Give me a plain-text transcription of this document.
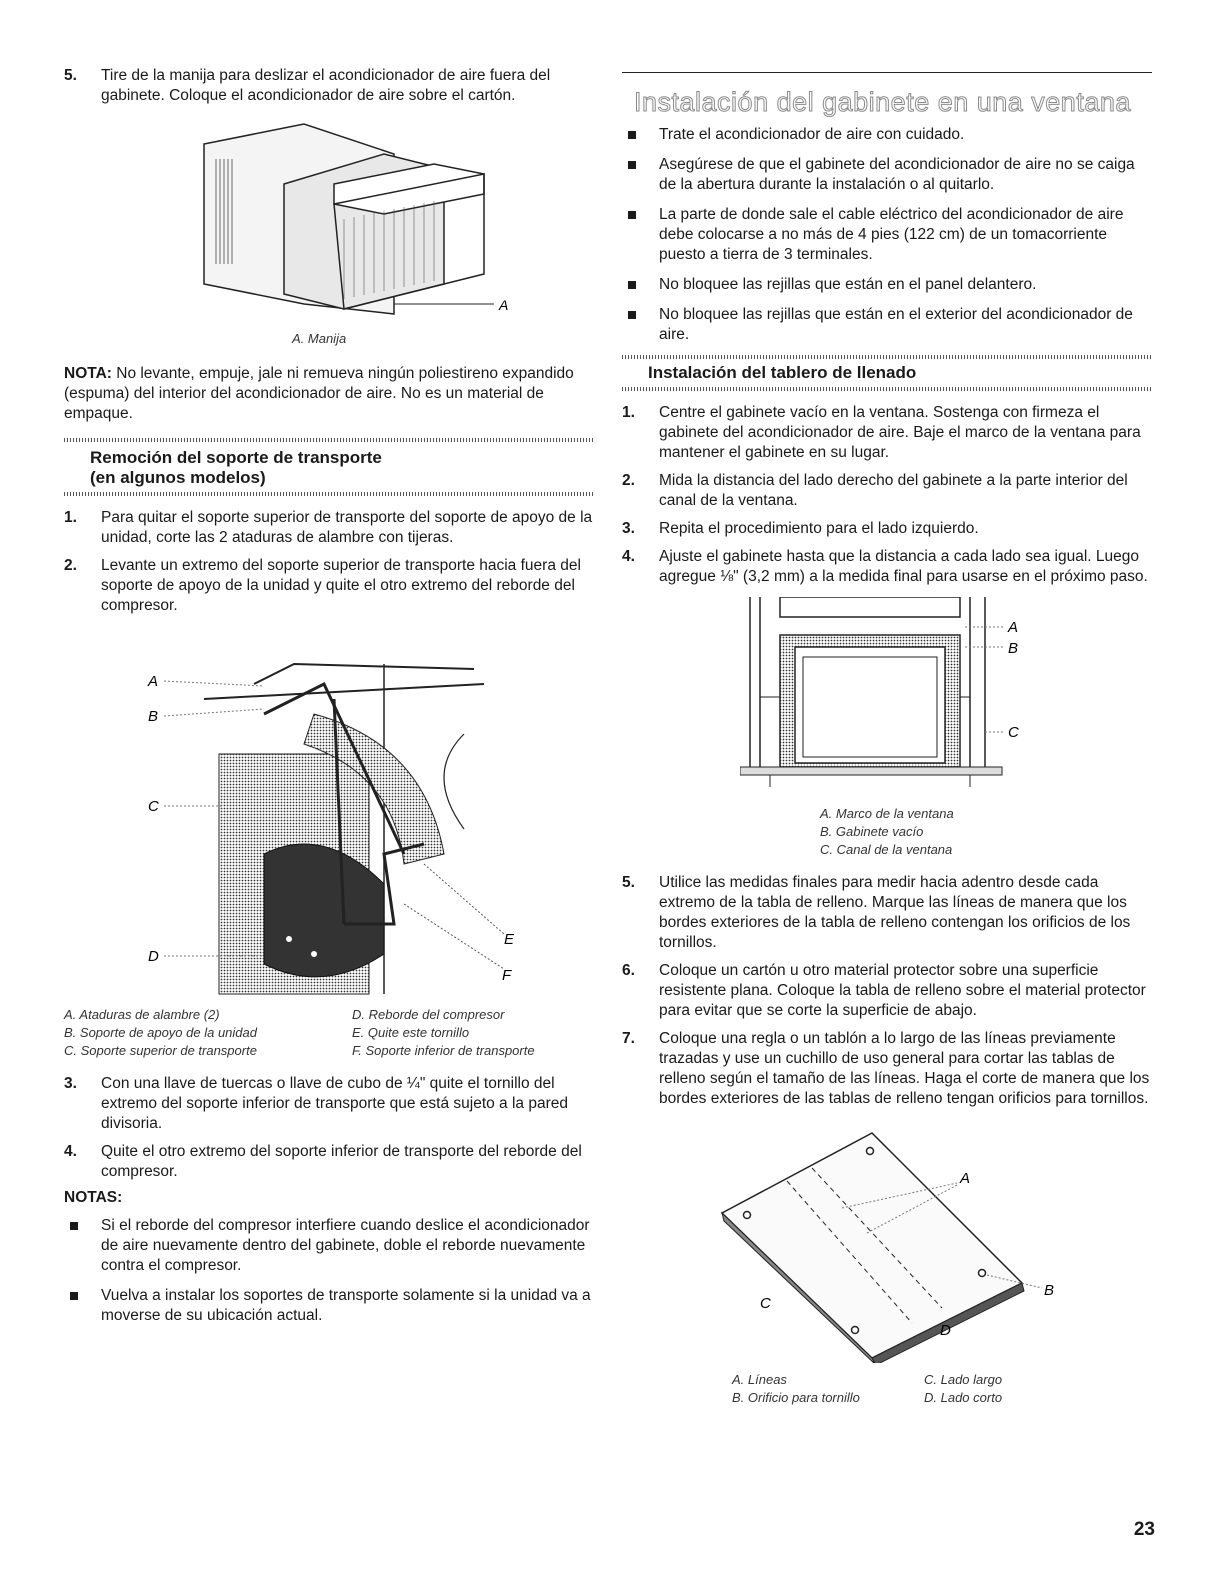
5. Tire de la manija para deslizar el acondicionador de aire fuera del gabinete. Coloque el acondicionador de aire sobre el cartón.
A
A. Manija

NOTA: No levante, empuje, jale ni remueva ningún poliestireno expandido (espuma) del interior del acondicionador de aire. No es un material de empaque.

Remoción del soporte de transporte
(en algunos modelos)
1. Para quitar el soporte superior de transporte del soporte de apoyo de la unidad, corte las 2 ataduras de alambre con tijeras.
2. Levante un extremo del soporte superior de transporte hacia fuera del soporte de apoyo de la unidad y quite el otro extremo del reborde del compresor.
A
B
C
D
E
F
A. Ataduras de alambre (2)
B. Soporte de apoyo de la unidad
C. Soporte superior de transporte
D. Reborde del compresor
E. Quite este tornillo
F. Soporte inferior de transporte
3. Con una llave de tuercas o llave de cubo de ¼" quite el tornillo del extremo del soporte inferior de transporte que está sujeto a la pared divisoria.
4. Quite el otro extremo del soporte inferior de transporte del reborde del compresor.
NOTAS:
Si el reborde del compresor interfiere cuando deslice el acondicionador de aire nuevamente dentro del gabinete, doble el reborde nuevamente contra el compresor.
Vuelva a instalar los soportes de transporte solamente si la unidad va a moverse de su ubicación actual.
Instalación del gabinete en una ventana
Trate el acondicionador de aire con cuidado.
Asegúrese de que el gabinete del acondicionador de aire no se caiga de la abertura durante la instalación o al quitarlo.
La parte de donde sale el cable eléctrico del acondicionador de aire debe colocarse a no más de 4 pies (122 cm) de un tomacorriente puesto a tierra de 3 terminales.
No bloquee las rejillas que están en el panel delantero.
No bloquee las rejillas que están en el exterior del acondicionador de aire.
Instalación del tablero de llenado
1. Centre el gabinete vacío en la ventana. Sostenga con firmeza el gabinete del acondicionador de aire. Baje el marco de la ventana para mantener el gabinete en su lugar.
2. Mida la distancia del lado derecho del gabinete a la parte interior del canal de la ventana.
3. Repita el procedimiento para el lado izquierdo.
4. Ajuste el gabinete hasta que la distancia a cada lado sea igual. Luego agregue ⅛" (3,2 mm) a la medida final para usarse en el próximo paso.
A
B
C
A. Marco de la ventana
B. Gabinete vacío
C. Canal de la ventana
5. Utilice las medidas finales para medir hacia adentro desde cada extremo de la tabla de relleno. Marque las líneas de manera que los bordes exteriores de la tabla de relleno contengan los orificios de los tornillos.
6. Coloque un cartón u otro material protector sobre una superficie resistente plana. Coloque la tabla de relleno sobre el material protector para evitar que se corte la superficie de abajo.
7. Coloque una regla o un tablón a lo largo de las líneas previamente trazadas y use un cuchillo de uso general para cortar las tablas de relleno según el tamaño de las líneas. Haga el corte de manera que los bordes exteriores de las tablas de relleno tengan orificios para tornillos.
A
B
C
D
A. Líneas
B. Orificio para tornillo
C. Lado largo
D. Lado corto
23
